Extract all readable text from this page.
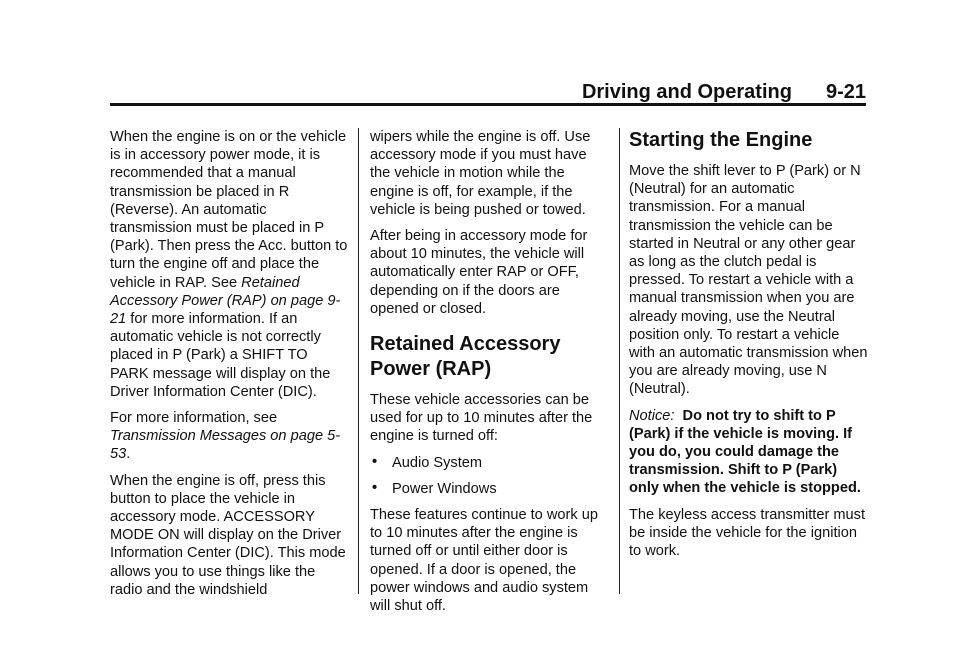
Driving and Operating 9-21

When the engine is on or the vehicle is in accessory power mode, it is recommended that a manual transmission be placed in R (Reverse). An automatic transmission must be placed in P (Park). Then press the Acc. button to turn the engine off and place the vehicle in RAP. See Retained Accessory Power (RAP) on page 9-21 for more information. If an automatic vehicle is not correctly placed in P (Park) a SHIFT TO PARK message will display on the Driver Information Center (DIC).

For more information, see Transmission Messages on page 5-53.

When the engine is off, press this button to place the vehicle in accessory mode. ACCESSORY MODE ON will display on the Driver Information Center (DIC). This mode allows you to use things like the radio and the windshield

wipers while the engine is off. Use accessory mode if you must have the vehicle in motion while the engine is off, for example, if the vehicle is being pushed or towed.

After being in accessory mode for about 10 minutes, the vehicle will automatically enter RAP or OFF, depending on if the doors are opened or closed.

Retained Accessory Power (RAP)

These vehicle accessories can be used for up to 10 minutes after the engine is turned off:

• Audio System
• Power Windows

These features continue to work up to 10 minutes after the engine is turned off or until either door is opened. If a door is opened, the power windows and audio system will shut off.

Starting the Engine

Move the shift lever to P (Park) or N (Neutral) for an automatic transmission. For a manual transmission the vehicle can be started in Neutral or any other gear as long as the clutch pedal is pressed. To restart a vehicle with a manual transmission when you are already moving, use the Neutral position only. To restart a vehicle with an automatic transmission when you are already moving, use N (Neutral).

Notice: Do not try to shift to P (Park) if the vehicle is moving. If you do, you could damage the transmission. Shift to P (Park) only when the vehicle is stopped.

The keyless access transmitter must be inside the vehicle for the ignition to work.
